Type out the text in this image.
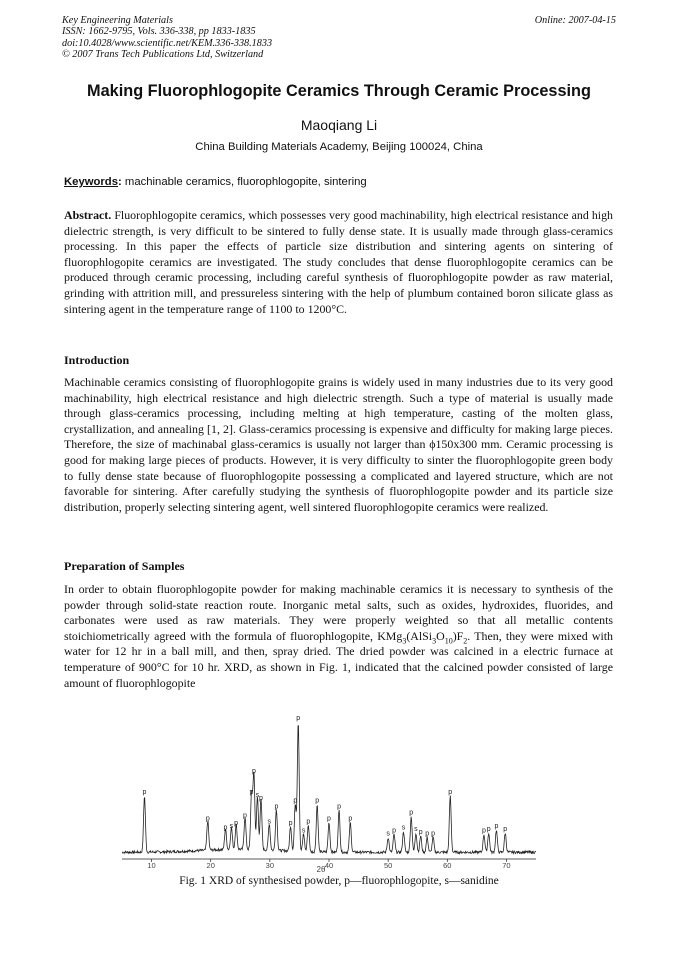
Key Engineering Materials
ISSN: 1662-9795, Vols. 336-338, pp 1833-1835
doi:10.4028/www.scientific.net/KEM.336-338.1833
© 2007 Trans Tech Publications Ltd, Switzerland
Online: 2007-04-15
Making Fluorophlogopite Ceramics Through Ceramic Processing
Maoqiang Li
China Building Materials Academy, Beijing 100024, China
Keywords: machinable ceramics, fluorophlogopite, sintering
Abstract. Fluorophlogopite ceramics, which possesses very good machinability, high electrical resistance and high dielectric strength, is very difficult to be sintered to fully dense state. It is usually made through glass-ceramics processing. In this paper the effects of particle size distribution and sintering agents on sintering of fluorophlogopite ceramics are investigated. The study concludes that dense fluorophlogopite ceramics can be produced through ceramic processing, including careful synthesis of fluorophlogopite powder as raw material, grinding with attrition mill, and pressureless sintering with the help of plumbum contained boron silicate glass as sintering agent in the temperature range of 1100 to 1200°C.
Introduction
Machinable ceramics consisting of fluorophlogopite grains is widely used in many industries due to its very good machinability, high electrical resistance and high dielectric strength. Such a type of material is usually made through glass-ceramics processing, including melting at high temperature, casting of the molten glass, crystallization, and annealing [1, 2]. Glass-ceramics processing is expensive and difficulty for making large pieces. Therefore, the size of machinabal glass-ceramics is usually not larger than ϕ150x300 mm. Ceramic processing is good for making large pieces of products. However, it is very difficulty to sinter the fluorophlogopite green body to fully dense state because of fluorophlogopite possessing a complicated and layered structure, which are not favorable for sintering. After carefully studying the synthesis of fluorophlogopite powder and its particle size distribution, properly selecting sintering agent, well sintered fluorophlogopite ceramics were realized.
Preparation of Samples
In order to obtain fluorophlogopite powder for making machinable ceramics it is necessary to synthesis of the powder through solid-state reaction route. Inorganic metal salts, such as oxides, hydroxides, fluorides, and carbonates were used as raw materials. They were properly weighted so that all metallic contents stoichiometrically agreed with the formula of fluorophlogopite, $KMg_3(AlSi_3O_{10})F_2$. Then, they were mixed with water for 12 hr in a ball mill, and then, spray dried. The dried powder was calcined in a electric furnace at temperature of 900°C for 10 hr. XRD, as shown in Fig. 1, indicated that the calcined powder consisted of large amount of fluorophlogopite
10	20	30	40	50	60	70
p
p
p s p
p
p
p
s p
s
p
p
p
p
s
p
p
p
p
p
s p s
p
s p p p
p
p p p p
2θ
Fig. 1 XRD of synthesised powder, p—fluorophlogopite, s—sanidine
